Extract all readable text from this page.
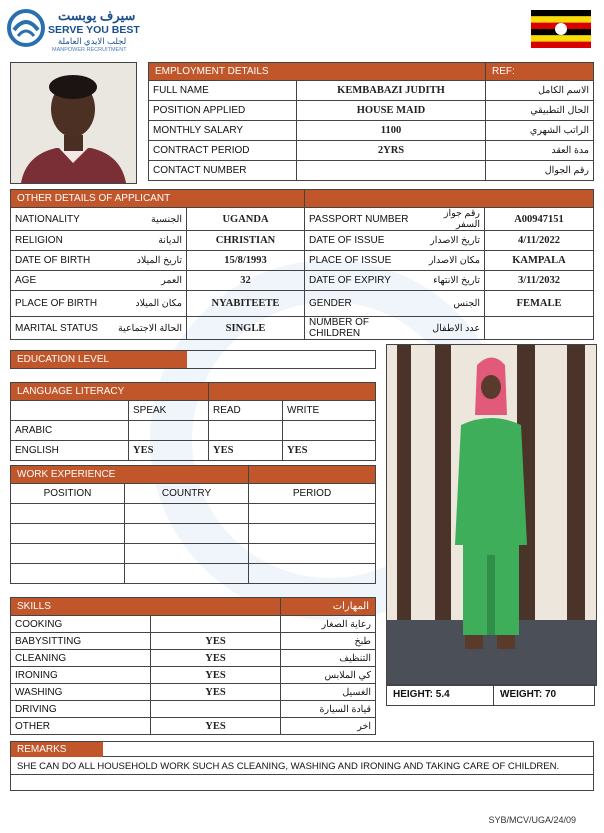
سيرف يوبست
SERVE YOU BEST
لجلب الايدي العاملة
MANPOWER RECRUITMENT
EMPLOYMENT DETAILS		REF:
FULL NAME	KEMBABAZI JUDITH	الاسم الكامل
POSITION APPLIED	HOUSE MAID	الحال التطبيقي
MONTHLY SALARY	1100	الراتب الشهري
CONTRACT PERIOD	2YRS	مدة العقد
CONTACT NUMBER		رقم الجوال
OTHER DETAILS OF APPLICANT					
NATIONALITY	الجنسية	UGANDA	PASSPORT NUMBER	رقم جواز السفر	A00947151
RELIGION	الديانة	CHRISTIAN	DATE OF ISSUE	تاريخ الاصدار	4/11/2022
DATE OF BIRTH	تاريخ الميلاد	15/8/1993	PLACE OF ISSUE	مكان الاصدار	KAMPALA
AGE	العمر	32	DATE OF EXPIRY	تاريخ الانتهاء	3/11/2032
PLACE OF BIRTH	مكان الميلاد	NYABITEETE	GENDER	الجنس	FEMALE
MARITAL STATUS	الحالة الاجتماعية	SINGLE	NUMBER OF CHILDREN	عدد الاطفال	
EDUCATION LEVEL
LANGUAGE LITERACY			
	SPEAK	READ	WRITE
ARABIC			
ENGLISH	YES	YES	YES
WORK EXPERIENCE		
POSITION	COUNTRY	PERIOD

SKILLS		المهارات
COOKING		رعاية الصغار
BABYSITTING	YES	طبخ
CLEANING	YES	التنظيف
IRONING	YES	كي الملابس
WASHING	YES	الغسيل
DRIVING		قيادة السيارة
OTHER	YES	اخر
HEIGHT: 5.4	WEIGHT: 70
REMARKS
SHE CAN DO ALL HOUSEHOLD WORK SUCH AS CLEANING, WASHING AND IRONING AND TAKING CARE OF CHILDREN.
SYB/MCV/UGA/24/09
